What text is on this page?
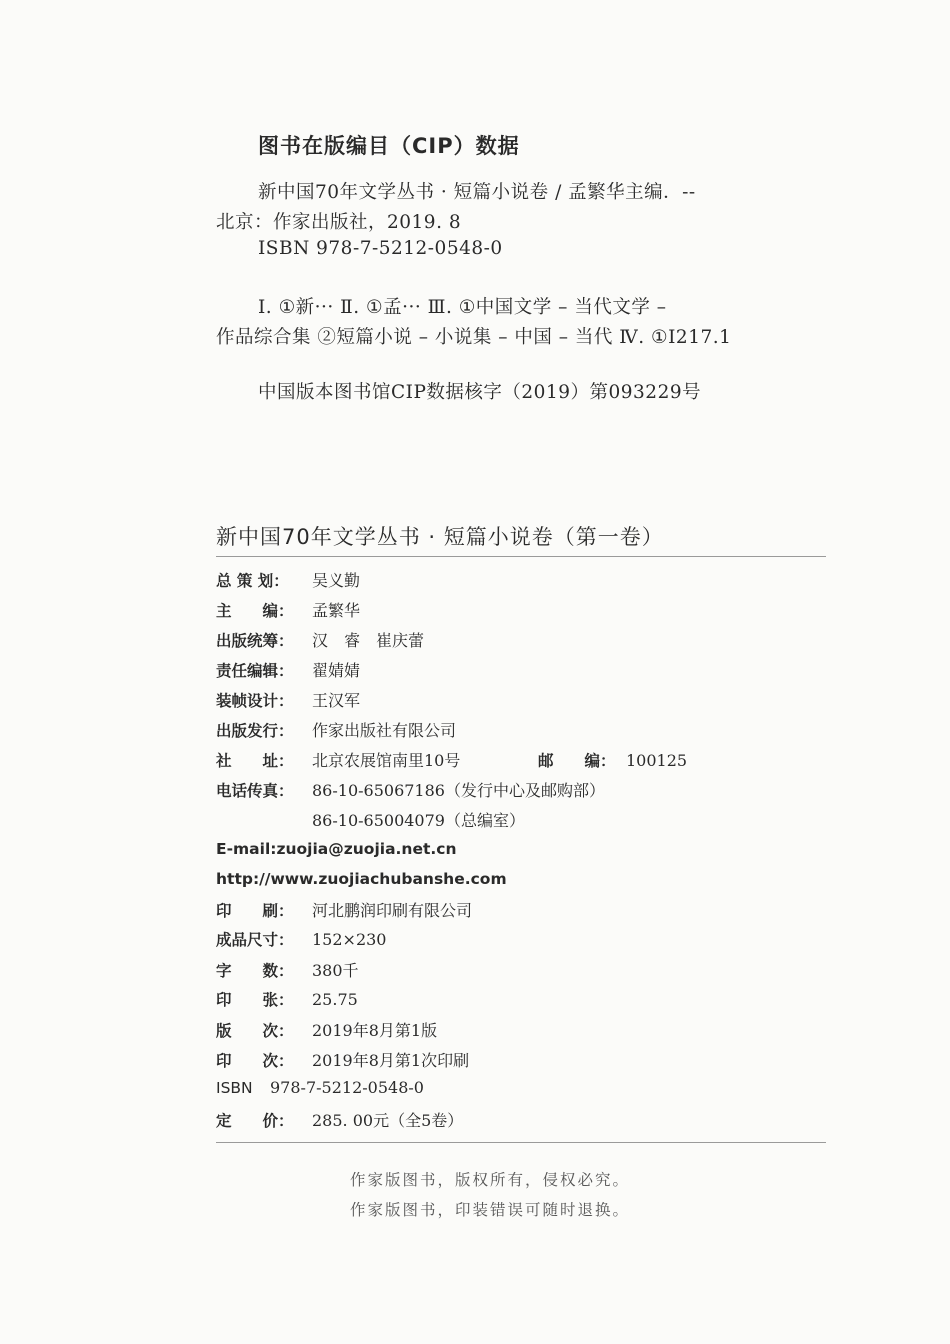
图书在版编目（CIP）数据
新中国70年文学丛书 · 短篇小说卷 / 孟繁华主编．--
北京：作家出版社，2019. 8
ISBN 978-7-5212-0548-0
Ⅰ. ①新··· Ⅱ. ①孟··· Ⅲ. ①中国文学 – 当代文学 –
作品综合集 ②短篇小说 – 小说集 – 中国 – 当代 Ⅳ. ①I217.1
中国版本图书馆CIP数据核字（2019）第093229号
新中国70年文学丛书 · 短篇小说卷（第一卷）
总 策 划： 吴义勤
主　　编： 孟繁华
出版统筹： 汉　睿　崔庆蕾
责任编辑： 翟婧婧
装帧设计： 王汉军
出版发行： 作家出版社有限公司
社　　址： 北京农展馆南里10号	邮　　编： 100125
电话传真： 86-10-65067186（发行中心及邮购部）
86-10-65004079（总编室）
E-mail:zuojia@zuojia.net.cn
http://www.zuojiachubanshe.com
印　　刷： 河北鹏润印刷有限公司
成品尺寸： 152×230
字　　数： 380千
印　　张： 25.75
版　　次： 2019年8月第1版
印　　次： 2019年8月第1次印刷
ISBN 978-7-5212-0548-0
定　　价： 285. 00元（全5卷）
作家版图书，版权所有，侵权必究。
作家版图书，印装错误可随时退换。
